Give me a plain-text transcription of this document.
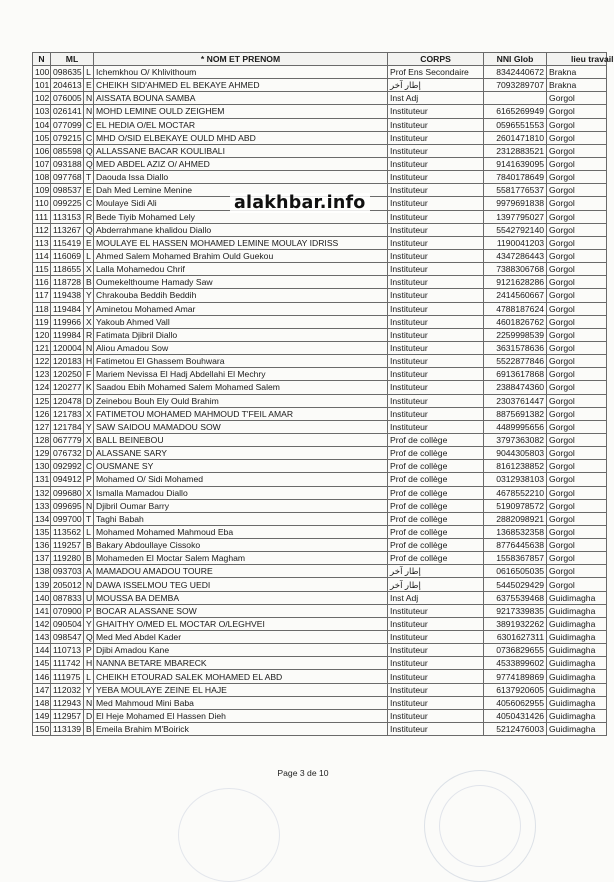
N	ML		* NOM ET PRENOM	CORPS	NNI Glob	lieu travail
100	098635	L	Ichemkhou O/ Khlivithoum	Prof Ens Secondaire	8342440672	Brakna
101	204613	E	CHEIKH SID'AHMED EL BEKAYE AHMED	إطار آخر	7093289707	Brakna
102	076005	N	AISSATA BOUNA SAMBA	Inst Adj		Gorgol
103	026141	N	MOHD LEMINE OULD ZEIGHEM	Instituteur	6165269949	Gorgol
104	077099	C	EL HEDIA O/EL MOCTAR	Instituteur	0596551553	Gorgol
105	079215	C	MHD O/SID ELBEKAYE OULD MHD ABD	Instituteur	2601471810	Gorgol
106	085598	Q	ALLASSANE BACAR KOULIBALI	Instituteur	2312883521	Gorgol
107	093188	Q	MED ABDEL AZIZ O/ AHMED	Instituteur	9141639095	Gorgol
108	097768	T	Daouda Issa Diallo	Instituteur	7840178649	Gorgol
109	098537	E	Dah Med Lemine Menine	Instituteur	5581776537	Gorgol
110	099225	C	Moulaye Sidi Ali	Instituteur	9979691838	Gorgol
111	113153	R	Bede Tiyib Mohamed Lely	Instituteur	1397795027	Gorgol
112	113267	Q	Abderrahmane khalidou Diallo	Instituteur	5542792140	Gorgol
113	115419	E	MOULAYE EL HASSEN MOHAMED LEMINE MOULAY IDRISS	Instituteur	1190041203	Gorgol
114	116069	L	Ahmed Salem Mohamed Brahim Ould Guekou	Instituteur	4347286443	Gorgol
115	118655	X	Lalla Mohamedou Chrif	Instituteur	7388306768	Gorgol
116	118728	B	Oumekelthoume Hamady Saw	Instituteur	9121628286	Gorgol
117	119438	Y	Chrakouba Beddih Beddih	Instituteur	2414560667	Gorgol
118	119484	Y	Aminetou Mohamed Amar	Instituteur	4788187624	Gorgol
119	119966	X	Yakoub Ahmed Vall	Instituteur	4601826762	Gorgol
120	119984	R	Fatimata Djibril Diallo	Instituteur	2259998539	Gorgol
121	120004	N	Aliou Amadou Sow	Instituteur	3631578636	Gorgol
122	120183	H	Fatimetou El Ghassem Bouhwara	Instituteur	5522877846	Gorgol
123	120250	F	Mariem Nevissa El Hadj Abdellahi El Mechry	Instituteur	6913617868	Gorgol
124	120277	K	Saadou Ebih Mohamed Salem Mohamed Salem	Instituteur	2388474360	Gorgol
125	120478	D	Zeinebou Bouh Ely Ould Brahim	Instituteur	2303761447	Gorgol
126	121783	X	FATIMETOU MOHAMED MAHMOUD T'FEIL AMAR	Instituteur	8875691382	Gorgol
127	121784	Y	SAW SAIDOU MAMADOU SOW	Instituteur	4489995656	Gorgol
128	067779	X	BALL BEINEBOU	Prof de collège	3797363082	Gorgol
129	076732	D	ALASSANE SARY	Prof de collège	9044305803	Gorgol
130	092992	C	OUSMANE SY	Prof de collège	8161238852	Gorgol
131	094912	P	Mohamed O/ Sidi Mohamed	Prof de collège	0312938103	Gorgol
132	099680	X	Ismalla Mamadou Diallo	Prof de collège	4678552210	Gorgol
133	099695	N	Djibril Oumar Barry	Prof de collège	5190978572	Gorgol
134	099700	T	Taghi Babah	Prof de collège	2882098921	Gorgol
135	113562	L	Mohamed Mohamed Mahmoud Eba	Prof de collège	1368532358	Gorgol
136	119257	B	Bakary Abdoullaye Cissoko	Prof de collège	8776445638	Gorgol
137	119280	B	Mohameden El Moctar Salem Magham	Prof de collège	1558367857	Gorgol
138	093703	A	MAMADOU AMADOU TOURE	إطار آخر	0616505035	Gorgol
139	205012	N	DAWA ISSELMOU TEG UEDI	إطار آخر	5445029429	Gorgol
140	087833	U	MOUSSA BA DEMBA	Inst Adj	6375539468	Guidimagha
141	070900	P	BOCAR ALASSANE SOW	Instituteur	9217339835	Guidimagha
142	090504	Y	GHAITHY O/MED EL MOCTAR O/LEGHVEI	Instituteur	3891932262	Guidimagha
143	098547	Q	Med Med Abdel Kader	Instituteur	6301627311	Guidimagha
144	110713	P	Djibi Amadou Kane	Instituteur	0736829655	Guidimagha
145	111742	H	NANNA BETARE MBARECK	Instituteur	4533899602	Guidimagha
146	111975	L	CHEIKH ETOURAD SALEK MOHAMED EL ABD	Instituteur	9774189869	Guidimagha
147	112032	Y	YEBA MOULAYE ZEINE EL HAJE	Instituteur	6137920605	Guidimagha
148	112943	N	Med Mahmoud Mini Baba	Instituteur	4056062955	Guidimagha
149	112957	D	El Heje Mohamed El Hassen Dieh	Instituteur	4050431426	Guidimagha
150	113139	B	Emeila Brahim M'Boirick	Instituteur	5212476003	Guidimagha
alakhbar.info
Page 3 de 10
